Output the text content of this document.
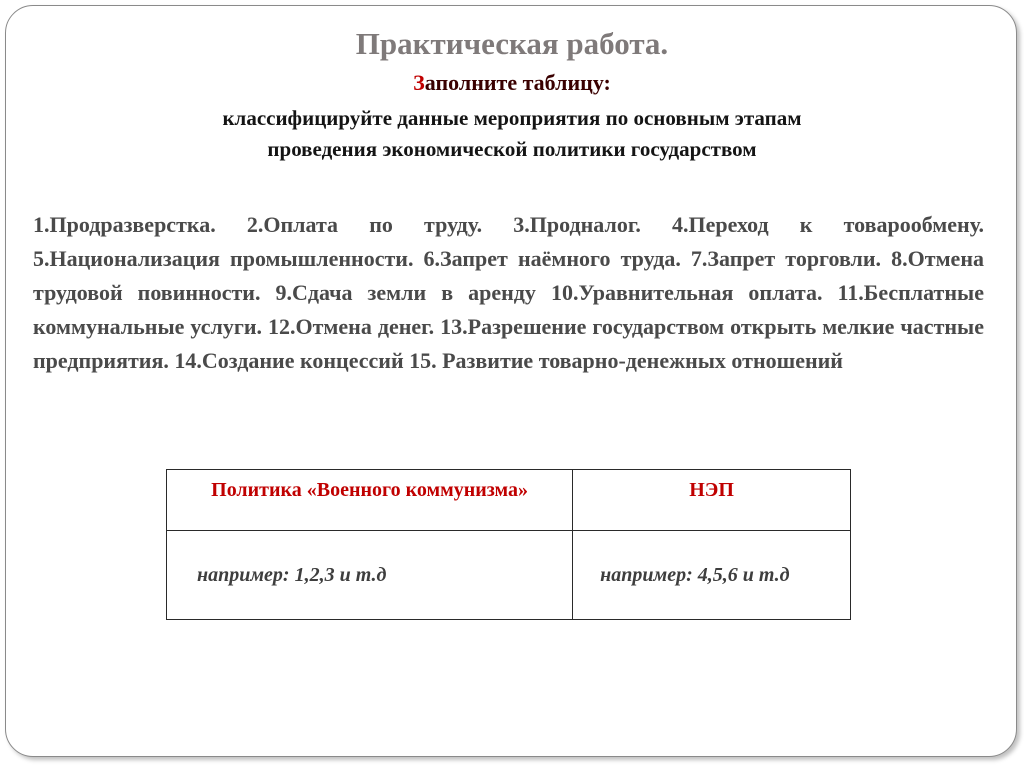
Практическая работа.

Заполните таблицу:

классифицируйте данные мероприятия по основным этапам
проведения экономической политики государством

1.Продразверстка. 2.Оплата по труду. 3.Продналог. 4.Переход к товарообмену. 5.Национализация промышленности. 6.Запрет наёмного труда. 7.Запрет торговли. 8.Отмена трудовой повинности. 9.Сдача земли в аренду 10.Уравнительная оплата. 11.Бесплатные коммунальные услуги. 12.Отмена денег. 13.Разрешение государством открыть мелкие частные предприятия. 14.Создание концессий 15. Развитие товарно-денежных отношений

Политика «Военного коммунизма»	НЭП

например: 1,2,3 и т.д	например: 4,5,6 и т.д
